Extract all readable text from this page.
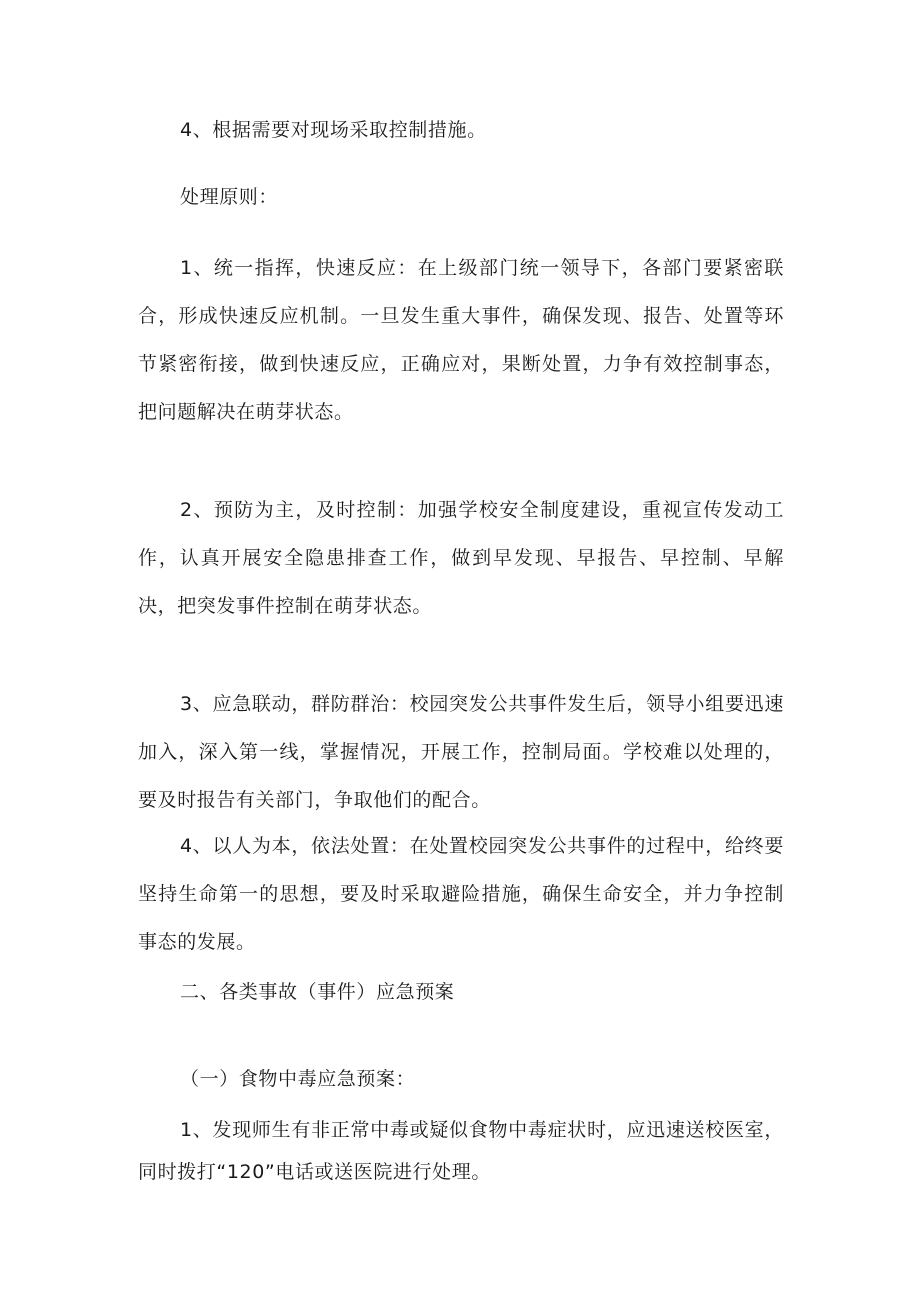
4、根据需要对现场采取控制措施。

处理原则：

1、统一指挥，快速反应：在上级部门统一领导下，各部门要紧密联合，形成快速反应机制。一旦发生重大事件，确保发现、报告、处置等环节紧密衔接，做到快速反应，正确应对，果断处置，力争有效控制事态，把问题解决在萌芽状态。

2、预防为主，及时控制：加强学校安全制度建设，重视宣传发动工作，认真开展安全隐患排查工作，做到早发现、早报告、早控制、早解决，把突发事件控制在萌芽状态。

3、应急联动，群防群治：校园突发公共事件发生后，领导小组要迅速加入，深入第一线，掌握情况，开展工作，控制局面。学校难以处理的，要及时报告有关部门，争取他们的配合。

4、以人为本，依法处置：在处置校园突发公共事件的过程中，给终要坚持生命第一的思想，要及时采取避险措施，确保生命安全，并力争控制事态的发展。

二、各类事故（事件）应急预案

（一）食物中毒应急预案：

1、发现师生有非正常中毒或疑似食物中毒症状时，应迅速送校医室，同时拨打“120”电话或送医院进行处理。
